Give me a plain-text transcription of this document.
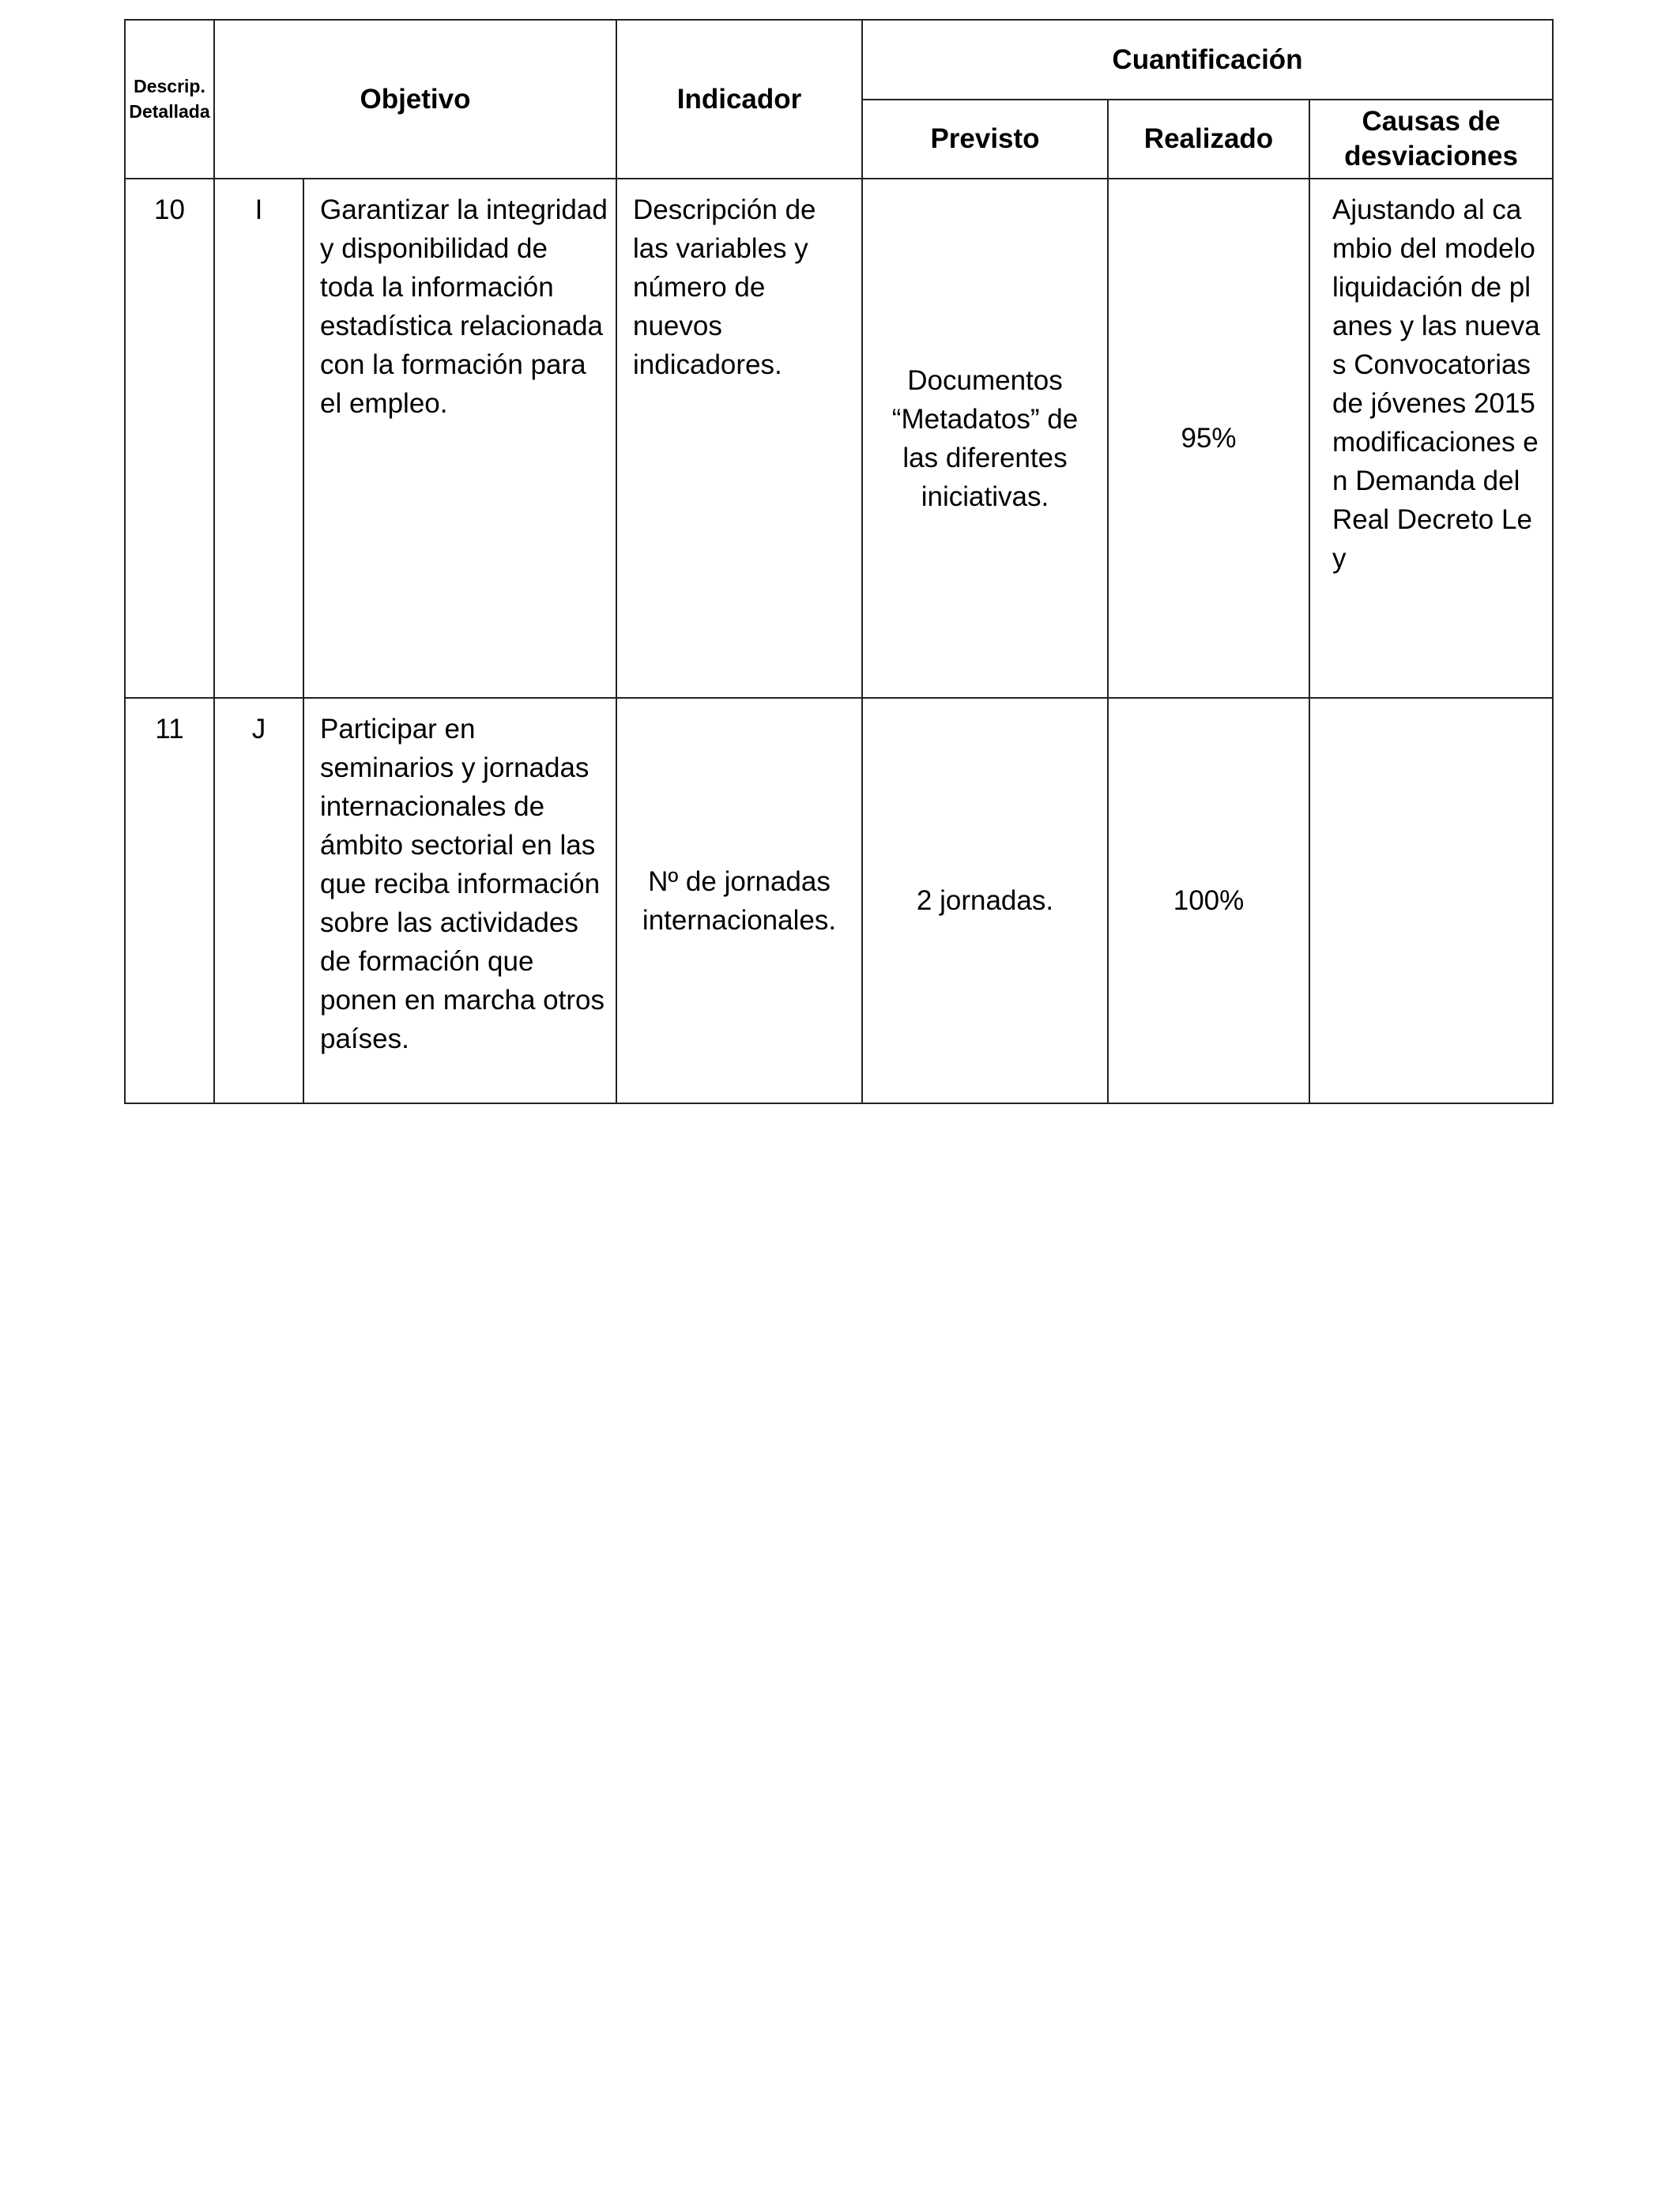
Descrip.
Detallada	Objetivo		Indicador	Cuantificación		
				Previsto	Realizado	Causas de desviaciones
10	I	Garantizar la integridad y disponibilidad de toda la información estadística relacionada con la formación para el empleo.	Descripción de las variables y número de nuevos indicadores.	Documentos “Metadatos” de las diferentes iniciativas.	95%	Ajustando al cambio del modelo liquidación de planes y las nuevas Convocatorias de jóvenes 2015modificaciones en Demanda del Real Decreto Ley
11	J	Participar en seminarios y jornadas internacionales de ámbito sectorial en las que reciba información sobre las actividades de formación que ponen en marcha otros países.	Nº de jornadas internacionales.	2 jornadas.	100%	
